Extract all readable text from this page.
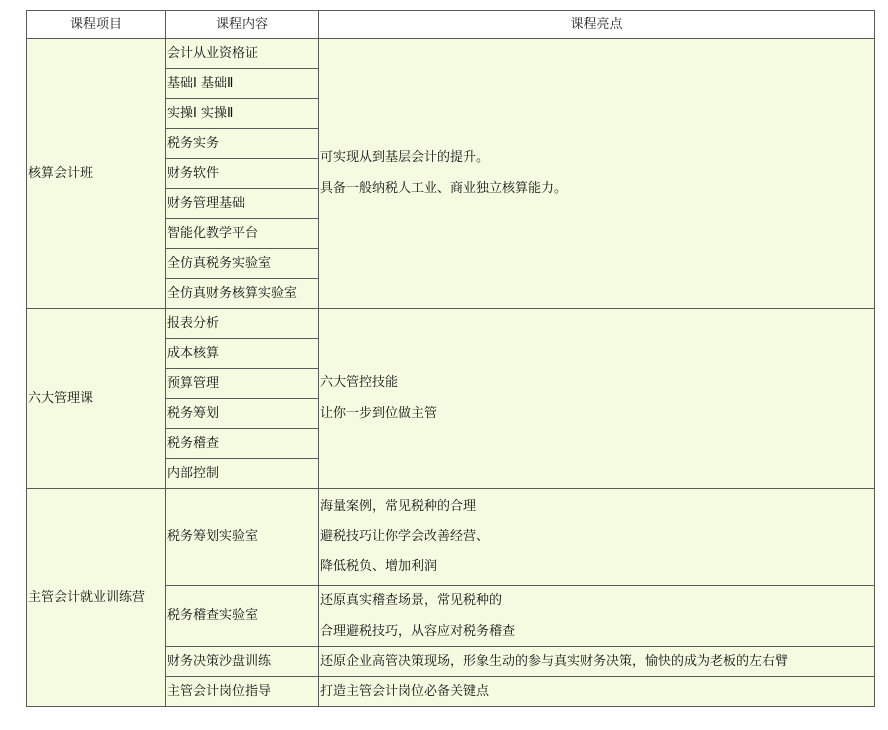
课程项目	课程内容	课程亮点
核算会计班	会计从业资格证	可实现从到基层会计的提升。
具备一般纳税人工业、商业独立核算能力。

	基础Ⅰ 基础Ⅱ	
	实操Ⅰ 实操Ⅱ	
	税务实务	
	财务软件	
	财务管理基础	
	智能化教学平台	
	全仿真税务实验室	
	全仿真财务核算实验室	
六大管理课	报表分析	六大管控技能
让你一步到位做主管

	成本核算	
	预算管理	
	税务筹划	
	税务稽查	
	内部控制	
主管会计就业训练营	税务筹划实验室	海量案例，常见税种的合理
避税技巧让你学会改善经营、
降低税负、增加利润

	税务稽查实验室	还原真实稽查场景，常见税种的
合理避税技巧，从容应对税务稽查

	财务决策沙盘训练	还原企业高管决策现场，形象生动的参与真实财务决策，愉快的成为老板的左右臂

	主管会计岗位指导	打造主管会计岗位必备关键点
